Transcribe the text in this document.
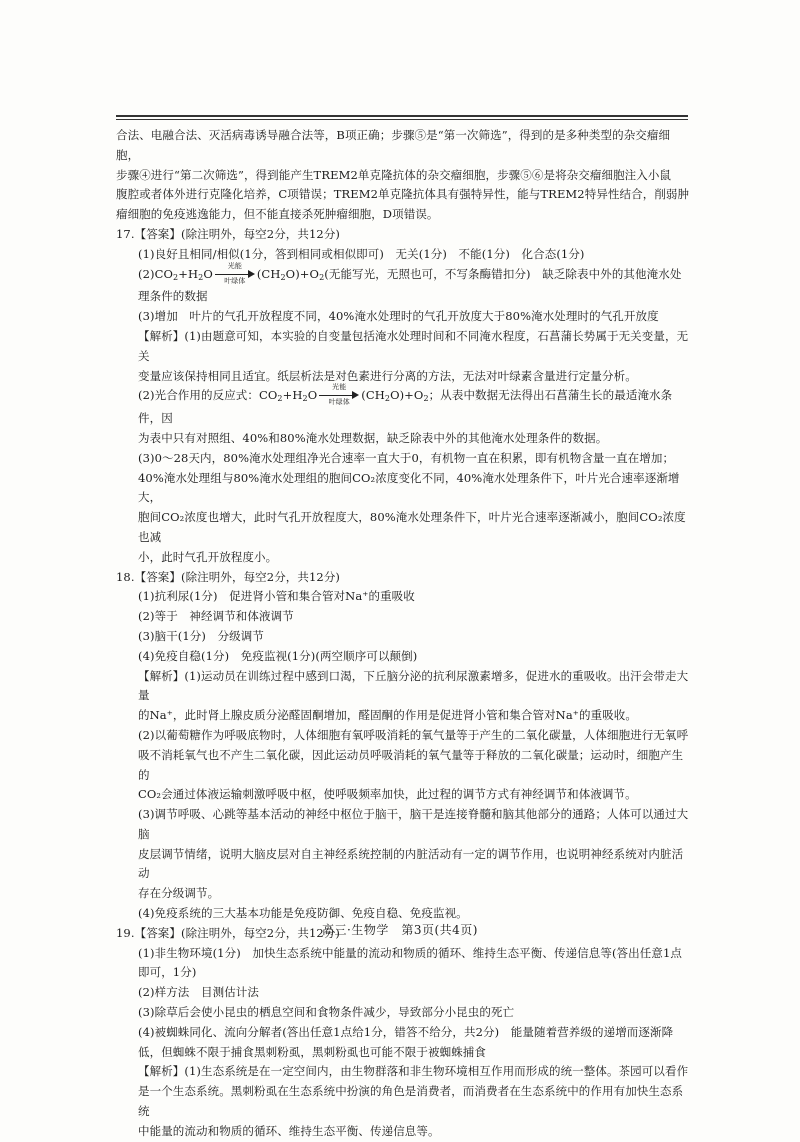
合法、电融合法、灭活病毒诱导融合法等，B项正确；步骤⑤是“第一次筛选”，得到的是多种类型的杂交瘤细胞，

步骤④进行“第二次筛选”，得到能产生TREM2单克隆抗体的杂交瘤细胞，步骤⑤⑥是将杂交瘤细胞注入小鼠

腹腔或者体外进行克隆化培养，C项错误；TREM2单克隆抗体具有强特异性，能与TREM2特异性结合，削弱肿

瘤细胞的免疫逃逸能力，但不能直接杀死肿瘤细胞，D项错误。

17.【答案】(除注明外，每空2分，共12分)

(1)良好且相同/相似(1分，答到相同或相似即可)　无关(1分)　不能(1分)　化合态(1分)

$(2)CO_2+H_2O$
光能
叶绿体 $(CH_2O)+O_2$(无能写光，无照也可，不写条酶错扣分)　缺乏除表中外的其他淹水处

理条件的数据

(3)增加　叶片的气孔开放程度不同，40%淹水处理时的气孔开放度大于80%淹水处理时的气孔开放度

【解析】(1)由题意可知，本实验的自变量包括淹水处理时间和不同淹水程度，石菖蒲长势属于无关变量，无关

变量应该保持相同且适宜。纸层析法是对色素进行分离的方法，无法对叶绿素含量进行定量分析。

(2)光合作用的反应式：$CO_2+H_2O$
光能
叶绿体 $(CH_2O)+O_2$；从表中数据无法得出石菖蒲生长的最适淹水条件，因

为表中只有对照组、40%和80%淹水处理数据，缺乏除表中外的其他淹水处理条件的数据。

(3)0～28天内，80%淹水处理组净光合速率一直大于0，有机物一直在积累，即有机物含量一直在增加；

40%淹水处理组与80%淹水处理组的胞间CO₂浓度变化不同，40%淹水处理条件下，叶片光合速率逐渐增大，

胞间CO₂浓度也增大，此时气孔开放程度大，80%淹水处理条件下，叶片光合速率逐渐减小，胞间CO₂浓度也减

小，此时气孔开放程度小。

18.【答案】(除注明外，每空2分，共12分)

(1)抗利尿(1分)　促进肾小管和集合管对Na⁺的重吸收

(2)等于　神经调节和体液调节

(3)脑干(1分)　分级调节

(4)免疫自稳(1分)　免疫监视(1分)(两空顺序可以颠倒)

【解析】(1)运动员在训练过程中感到口渴，下丘脑分泌的抗利尿激素增多，促进水的重吸收。出汗会带走大量

的Na⁺，此时肾上腺皮质分泌醛固酮增加，醛固酮的作用是促进肾小管和集合管对Na⁺的重吸收。

(2)以葡萄糖作为呼吸底物时，人体细胞有氧呼吸消耗的氧气量等于产生的二氧化碳量，人体细胞进行无氧呼

吸不消耗氧气也不产生二氧化碳，因此运动员呼吸消耗的氧气量等于释放的二氧化碳量；运动时，细胞产生的

CO₂会通过体液运输刺激呼吸中枢，使呼吸频率加快，此过程的调节方式有神经调节和体液调节。

(3)调节呼吸、心跳等基本活动的神经中枢位于脑干，脑干是连接脊髓和脑其他部分的通路；人体可以通过大脑

皮层调节情绪，说明大脑皮层对自主神经系统控制的内脏活动有一定的调节作用，也说明神经系统对内脏活动

存在分级调节。

(4)免疫系统的三大基本功能是免疫防御、免疫自稳、免疫监视。

19.【答案】(除注明外，每空2分，共12分)

(1)非生物环境(1分)　加快生态系统中能量的流动和物质的循环、维持生态平衡、传递信息等(答出任意1点

即可，1分)

(2)样方法　目测估计法

(3)除草后会使小昆虫的栖息空间和食物条件减少，导致部分小昆虫的死亡

(4)被蜘蛛同化、流向分解者(答出任意1点给1分，错答不给分，共2分)　能量随着营养级的递增而逐渐降

低，但蜘蛛不限于捕食黑刺粉虱，黑刺粉虱也可能不限于被蜘蛛捕食

【解析】(1)生态系统是在一定空间内，由生物群落和非生物环境相互作用而形成的统一整体。茶园可以看作

是一个生态系统。黑刺粉虱在生态系统中扮演的角色是消费者，而消费者在生态系统中的作用有加快生态系统

中能量的流动和物质的循环、维持生态平衡、传递信息等。

高三·生物学　第3页(共4页)
